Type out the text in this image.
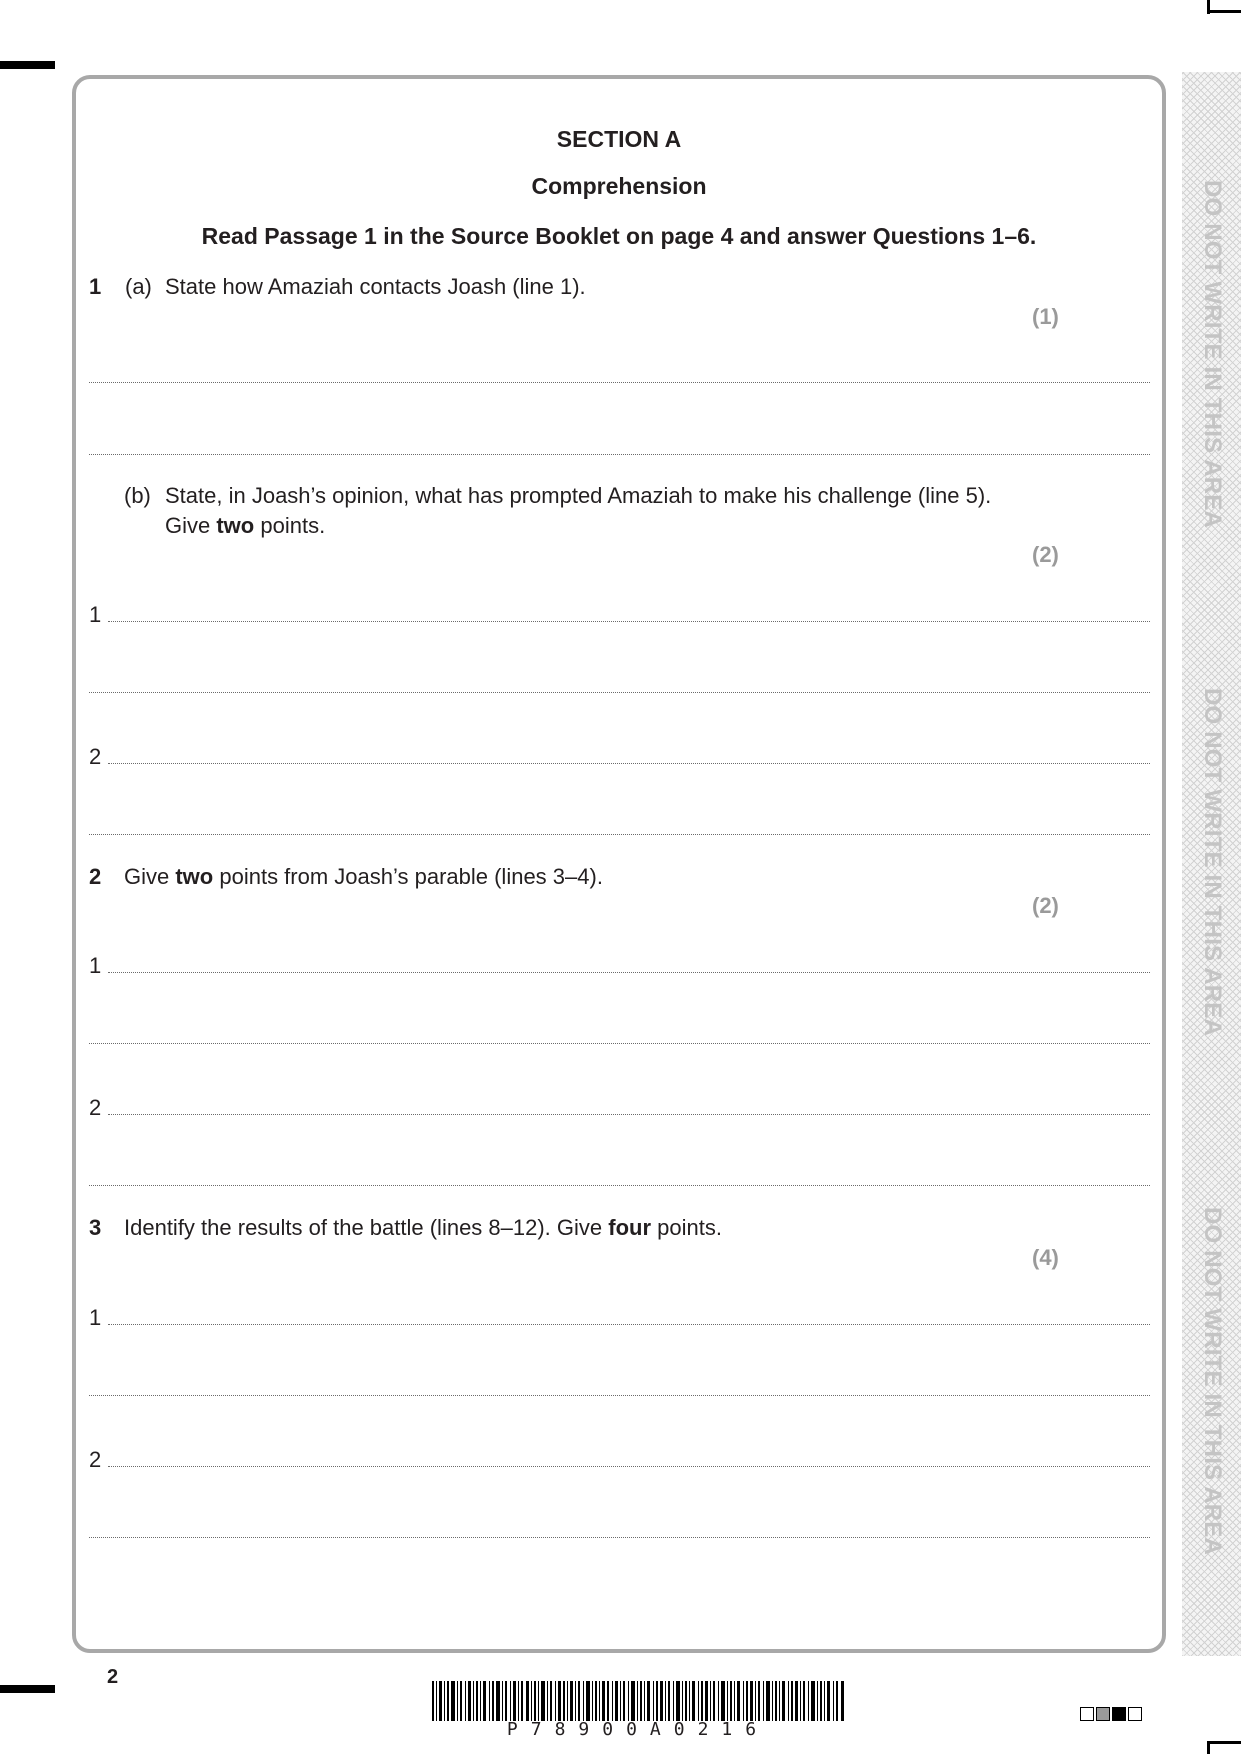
DO NOT WRITE IN THIS AREA
DO NOT WRITE IN THIS AREA
DO NOT WRITE IN THIS AREA
SECTION A
Comprehension
Read Passage 1 in the Source Booklet on page 4 and answer Questions 1–6.
1 (a) State how Amaziah contacts Joash (line 1).
(1)
(b) State, in Joash’s opinion, what has prompted Amaziah to make his challenge (line 5).
Give two points.
(2)
1
2
2 Give two points from Joash’s parable (lines 3–4).
(2)
1
2
3 Identify the results of the battle (lines 8–12). Give four points.
(4)
1
2
2
P78900A0216
